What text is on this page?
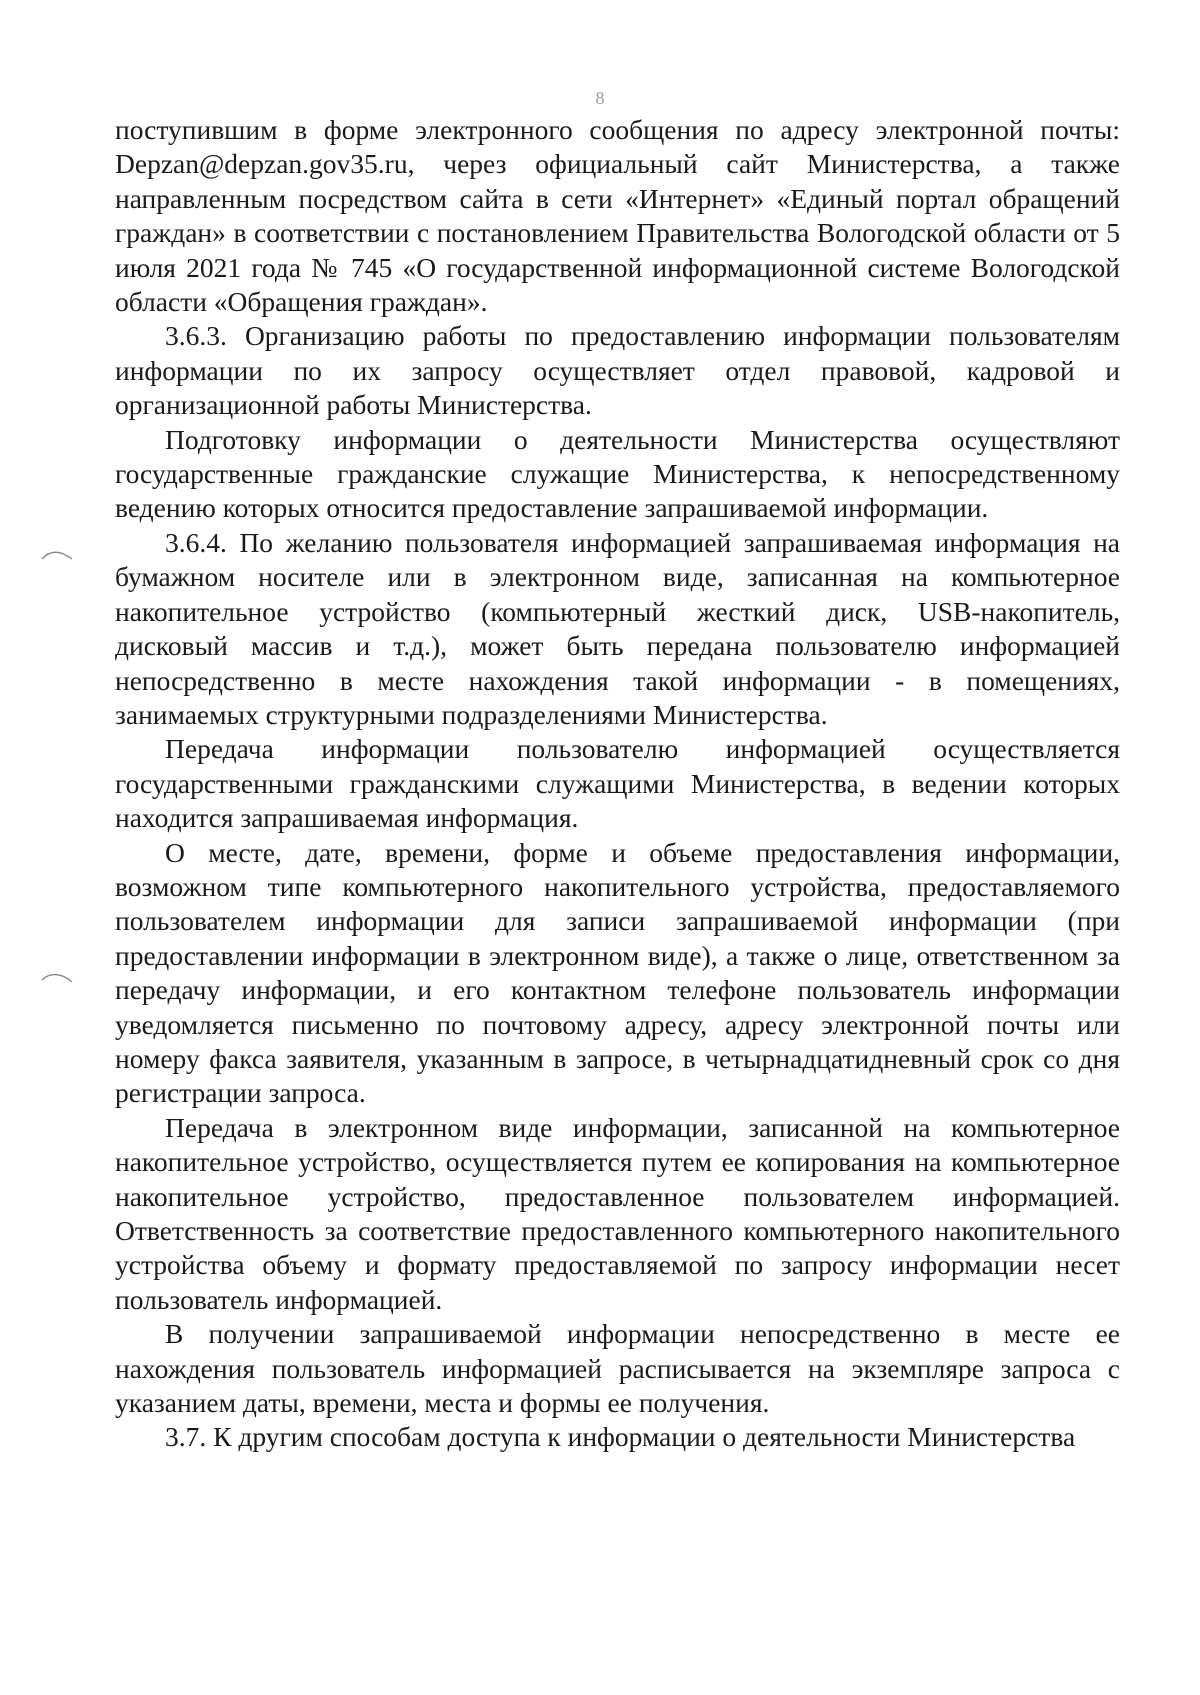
8

поступившим в форме электронного сообщения по адресу электронной почты: Depzan@depzan.gov35.ru, через официальный сайт Министерства, а также направленным посредством сайта в сети «Интернет» «Единый портал обращений граждан» в соответствии с постановлением Правительства Вологодской области от 5 июля 2021 года № 745 «О государственной информационной системе Вологодской области «Обращения граждан».

3.6.3. Организацию работы по предоставлению информации пользователям информации по их запросу осуществляет отдел правовой, кадровой и организационной работы Министерства.

Подготовку информации о деятельности Министерства осуществляют государственные гражданские служащие Министерства, к непосредственному ведению которых относится предоставление запрашиваемой информации.

3.6.4. По желанию пользователя информацией запрашиваемая информация на бумажном носителе или в электронном виде, записанная на компьютерное накопительное устройство (компьютерный жесткий диск, USB-накопитель, дисковый массив и т.д.), может быть передана пользователю информацией непосредственно в месте нахождения такой информации - в помещениях, занимаемых структурными подразделениями Министерства.

Передача информации пользователю информацией осуществляется государственными гражданскими служащими Министерства, в ведении которых находится запрашиваемая информация.

О месте, дате, времени, форме и объеме предоставления информации, возможном типе компьютерного накопительного устройства, предоставляемого пользователем информации для записи запрашиваемой информации (при предоставлении информации в электронном виде), а также о лице, ответственном за передачу информации, и его контактном телефоне пользователь информации уведомляется письменно по почтовому адресу, адресу электронной почты или номеру факса заявителя, указанным в запросе, в четырнадцатидневный срок со дня регистрации запроса.

Передача в электронном виде информации, записанной на компьютерное накопительное устройство, осуществляется путем ее копирования на компьютерное накопительное устройство, предоставленное пользователем информацией. Ответственность за соответствие предоставленного компьютерного накопительного устройства объему и формату предоставляемой по запросу информации несет пользователь информацией.

В получении запрашиваемой информации непосредственно в месте ее нахождения пользователь информацией расписывается на экземпляре запроса с указанием даты, времени, места и формы ее получения.

3.7. К другим способам доступа к информации о деятельности Министерства
